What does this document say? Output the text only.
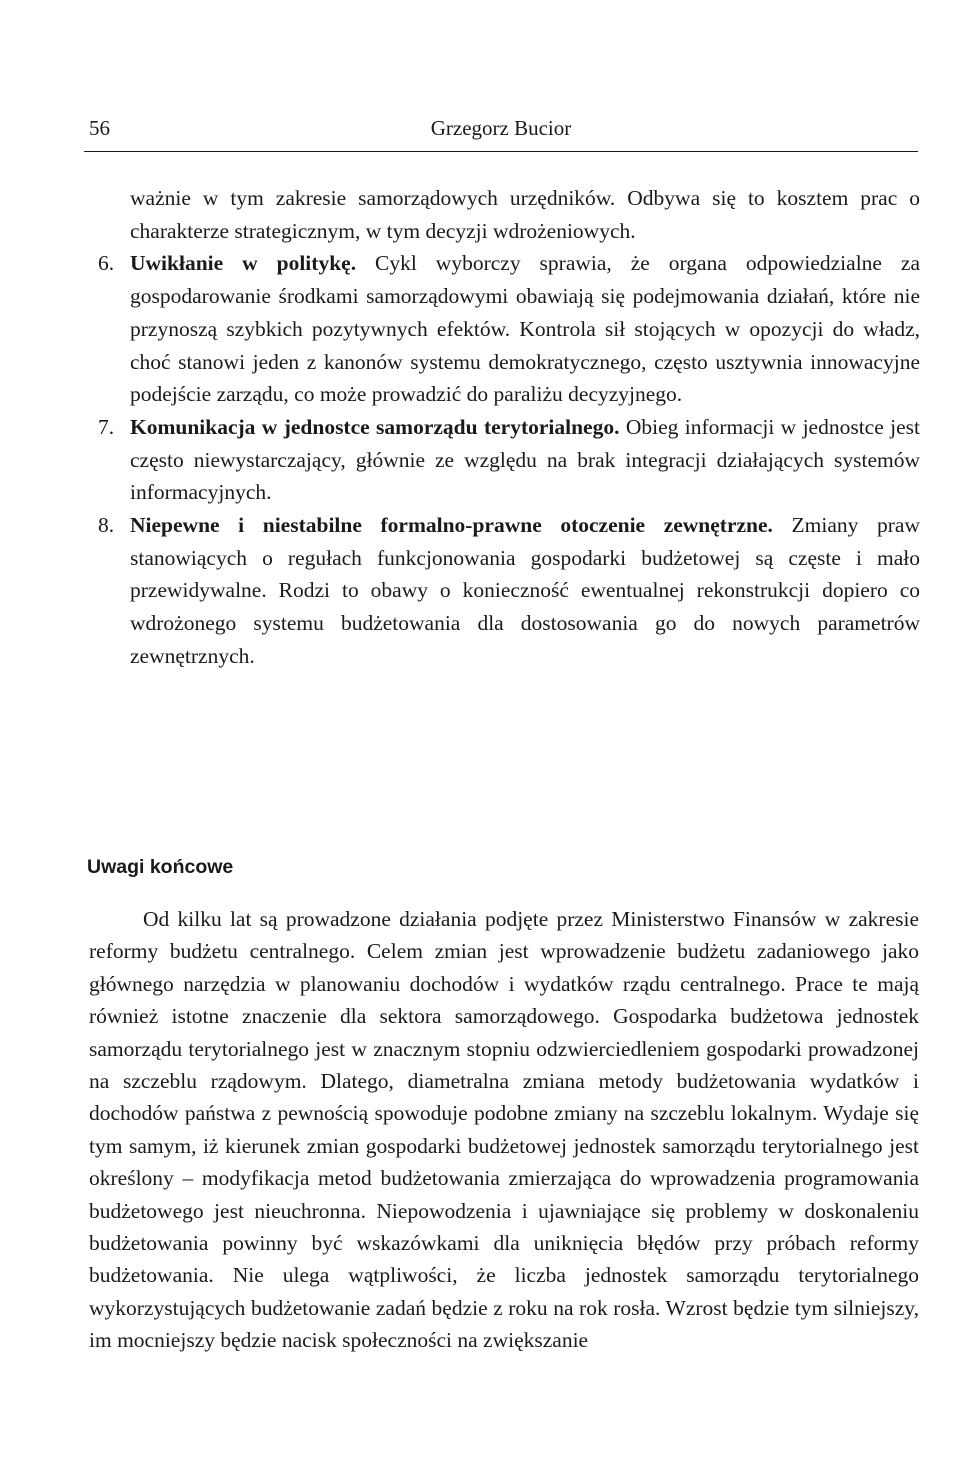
56	Grzegorz Bucior

ważnie w tym zakresie samorządowych urzędników. Odbywa się to kosztem prac o charakterze strategicznym, w tym decyzji wdrożeniowych.

6. Uwikłanie w politykę. Cykl wyborczy sprawia, że organa odpowiedzialne za gospodarowanie środkami samorządowymi obawiają się podejmowania działań, które nie przynoszą szybkich pozytywnych efektów. Kontrola sił stojących w opozycji do władz, choć stanowi jeden z kanonów systemu demokratycznego, często usztywnia innowacyjne podejście zarządu, co może prowadzić do paraliżu decyzyjnego.

7. Komunikacja w jednostce samorządu terytorialnego. Obieg informacji w jednostce jest często niewystarczający, głównie ze względu na brak integracji działających systemów informacyjnych.

8. Niepewne i niestabilne formalno-prawne otoczenie zewnętrzne. Zmiany praw stanowiących o regułach funkcjonowania gospodarki budżetowej są częste i mało przewidywalne. Rodzi to obawy o konieczność ewentualnej rekonstrukcji dopiero co wdrożonego systemu budżetowania dla dostosowania go do nowych parametrów zewnętrznych.

Uwagi końcowe

Od kilku lat są prowadzone działania podjęte przez Ministerstwo Finansów w zakresie reformy budżetu centralnego. Celem zmian jest wprowadzenie budżetu zadaniowego jako głównego narzędzia w planowaniu dochodów i wydatków rządu centralnego. Prace te mają również istotne znaczenie dla sektora samorządowego. Gospodarka budżetowa jednostek samorządu terytorialnego jest w znacznym stopniu odzwierciedleniem gospodarki prowadzonej na szczeblu rządowym. Dlatego, diametralna zmiana metody budżetowania wydatków i dochodów państwa z pewnością spowoduje podobne zmiany na szczeblu lokalnym. Wydaje się tym samym, iż kierunek zmian gospodarki budżetowej jednostek samorządu terytorialnego jest określony – modyfikacja metod budżetowania zmierzająca do wprowadzenia programowania budżetowego jest nieuchronna. Niepowodzenia i ujawniające się problemy w doskonaleniu budżetowania powinny być wskazówkami dla uniknięcia błędów przy próbach reformy budżetowania. Nie ulega wątpliwości, że liczba jednostek samorządu terytorialnego wykorzystujących budżetowanie zadań będzie z roku na rok rosła. Wzrost będzie tym silniejszy, im mocniejszy będzie nacisk społeczności na zwiększanie
